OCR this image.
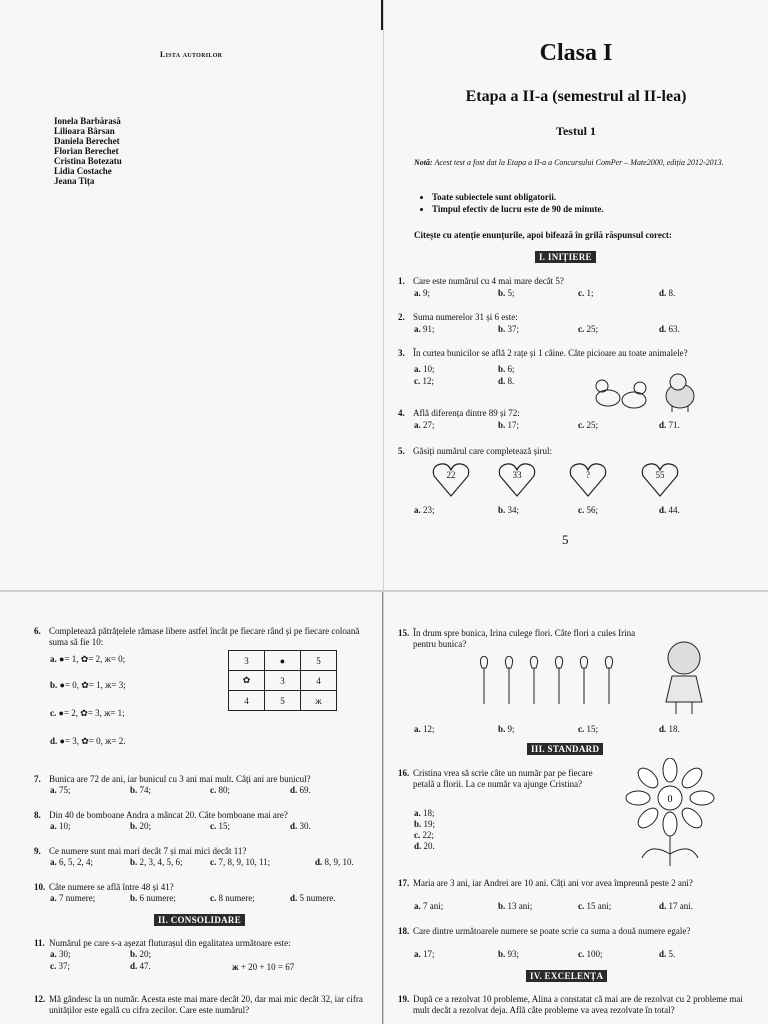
Lista autorilor
Ionela Barbărasă
Lilioara Bârsan
Daniela Berechet
Florian Berechet
Cristina Botezatu
Lidia Costache
Jeana Tița
Clasa I
Etapa a II-a (semestrul al II-lea)
Testul 1
Notă: Acest test a fost dat la Etapa a II-a a Concursului ComPer – Mate2000, ediția 2012-2013.
• Toate subiectele sunt obligatorii.
• Timpul efectiv de lucru este de 90 de minute.
Citește cu atenție enunțurile, apoi bifează în grilă răspunsul corect:
I. INIȚIERE
1. Care este numărul cu 4 mai mare decât 5?
a. 9;	b. 5;	c. 1;	d. 8.
2. Suma numerelor 31 și 6 este:
a. 91;	b. 37;	c. 25;	d. 63.
3. În curtea bunicilor se află 2 rațe și 1 câine. Câte picioare au toate animalele?
a. 10;	b. 6;
c. 12;	d. 8.
4. Află diferența dintre 89 și 72:
a. 27;	b. 17;	c. 25;	d. 71.
5. Găsiți numărul care completează șirul:
22	33	?	55
a. 23;	b. 34;	c. 56;	d. 44.
5
6. Completează pătrățelele rămase libere astfel încât pe fiecare rând și pe fiecare coloană suma să fie 10:
a. ●= 1, ✿= 2, ж= 0;
b. ●= 0, ✿= 1, ж= 3;
c. ●= 2, ✿= 3, ж= 1;
d. ●= 3, ✿= 0, ж= 2.
3	●	5
✿	3	4
4	5	ж
7. Bunica are 72 de ani, iar bunicul cu 3 ani mai mult. Câți ani are bunicul?
a. 75;	b. 74;	c. 80;	d. 69.
8. Din 40 de bomboane Andra a mâncat 20. Câte bomboane mai are?
a. 10;	b. 20;	c. 15;	d. 30.
9. Ce numere sunt mai mari decât 7 și mai mici decât 11?
a. 6, 5, 2, 4;	b. 2, 3, 4, 5, 6;	c. 7, 8, 9, 10, 11;	d. 8, 9, 10.
10. Câte numere se află între 48 și 41?
a. 7 numere;	b. 6 numere;	c. 8 numere;	d. 5 numere.
II. CONSOLIDARE
11. Numărul pe care s-a așezat fluturașul din egalitatea următoare este:
a. 30;	b. 20;
c. 37;	d. 47.	ж + 20 + 10 = 67
12. Mă gândesc la un număr. Acesta este mai mare decât 20, dar mai mic decât 32, iar cifra unităților este egală cu cifra zecilor. Care este numărul?
15. În drum spre bunica, Irina culege flori. Câte flori a cules Irina pentru bunica?
a. 12;	b. 9;	c. 15;	d. 18.
III. STANDARD
16. Cristina vrea să scrie câte un număr par pe fiecare petală a florii. La ce număr va ajunge Cristina?
a. 18;
b. 19;
c. 22;
d. 20.
0
17. Maria are 3 ani, iar Andrei are 10 ani. Câți ani vor avea împreună peste 2 ani?
a. 7 ani;	b. 13 ani;	c. 15 ani;	d. 17 ani.
18. Care dintre următoarele numere se poate scrie ca suma a două numere egale?
a. 17;	b. 93;	c. 100;	d. 5.
IV. EXCELENȚA
19. După ce a rezolvat 10 probleme, Alina a constatat că mai are de rezolvat cu 2 probleme mai mult decât a rezolvat deja. Află câte probleme va avea rezolvate în total?
